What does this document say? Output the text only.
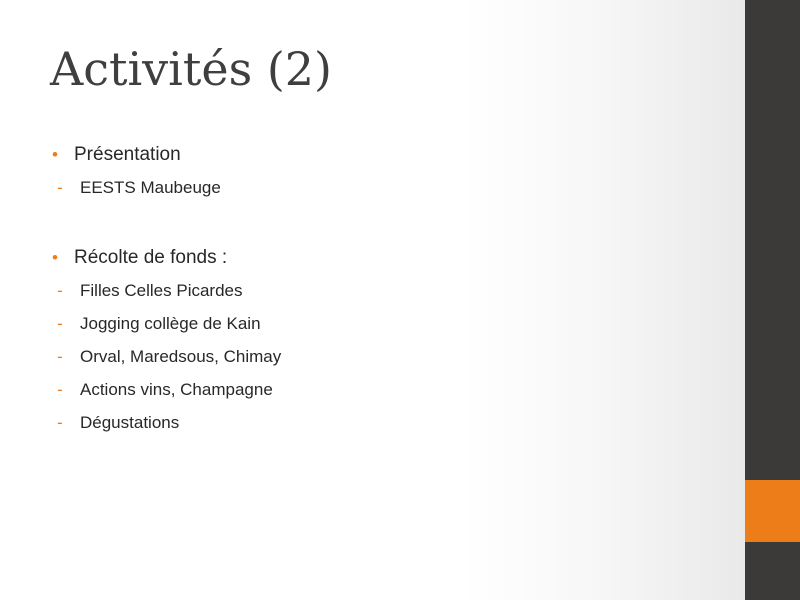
Activités (2)
• Présentation
-	EESTS Maubeuge
• Récolte de fonds :
-	Filles Celles Picardes
-	Jogging collège de Kain
-	Orval, Maredsous, Chimay
-	Actions vins, Champagne
-	Dégustations
